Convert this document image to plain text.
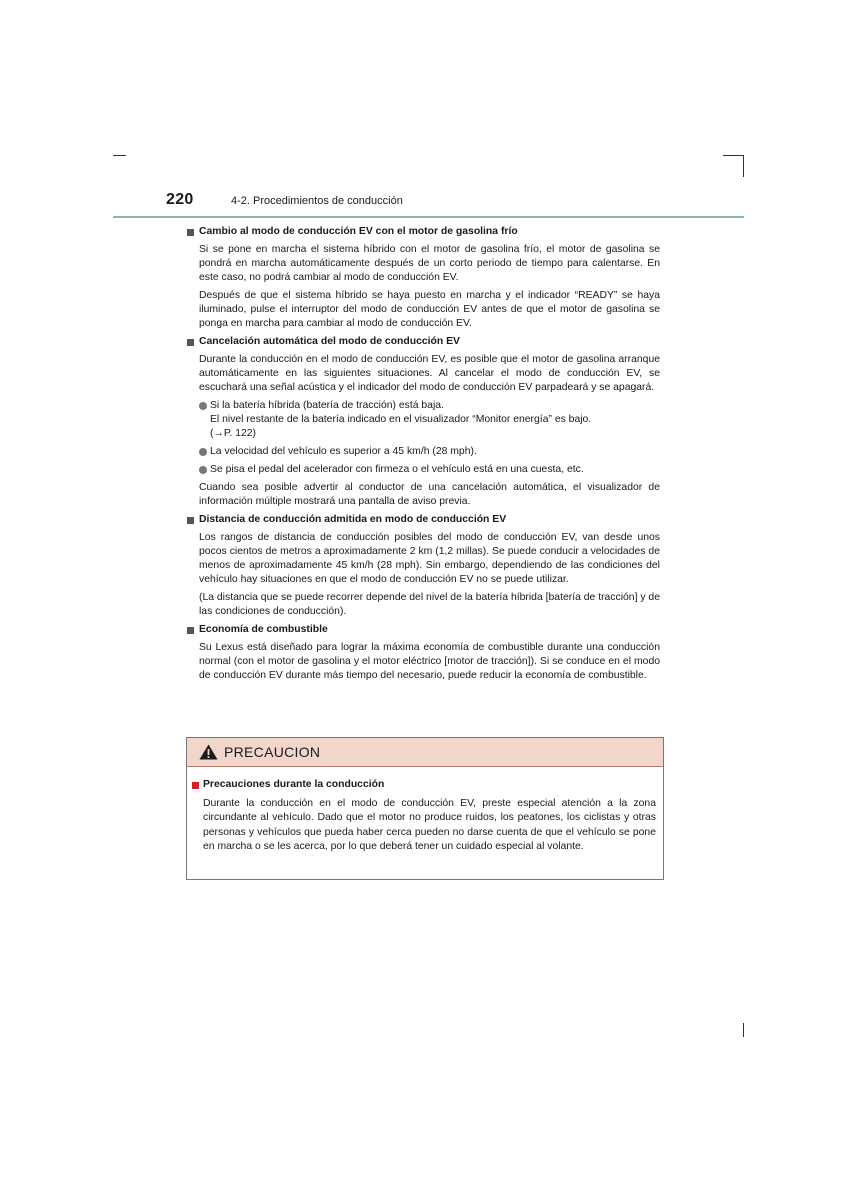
220	4-2. Procedimientos de conducción
Cambio al modo de conducción EV con el motor de gasolina frío
Si se pone en marcha el sistema híbrido con el motor de gasolina frío, el motor de gasolina se pondrá en marcha automáticamente después de un corto periodo de tiempo para calentarse. En este caso, no podrá cambiar al modo de conducción EV.
Después de que el sistema híbrido se haya puesto en marcha y el indicador “READY” se haya iluminado, pulse el interruptor del modo de conducción EV antes de que el motor de gasolina se ponga en marcha para cambiar al modo de conducción EV.
Cancelación automática del modo de conducción EV
Durante la conducción en el modo de conducción EV, es posible que el motor de gasolina arranque automáticamente en las siguientes situaciones. Al cancelar el modo de conducción EV, se escuchará una señal acústica y el indicador del modo de conducción EV parpadeará y se apagará.
Si la batería híbrida (batería de tracción) está baja.
El nivel restante de la batería indicado en el visualizador “Monitor energía” es bajo.
(→P. 122)
La velocidad del vehículo es superior a 45 km/h (28 mph).
Se pisa el pedal del acelerador con firmeza o el vehículo está en una cuesta, etc.
Cuando sea posible advertir al conductor de una cancelación automática, el visualizador de información múltiple mostrará una pantalla de aviso previa.
Distancia de conducción admitida en modo de conducción EV
Los rangos de distancia de conducción posibles del modo de conducción EV, van desde unos pocos cientos de metros a aproximadamente 2 km (1,2 millas). Se puede conducir a velocidades de menos de aproximadamente 45 km/h (28 mph). Sin embargo, dependiendo de las condiciones del vehículo hay situaciones en que el modo de conducción EV no se puede utilizar.
(La distancia que se puede recorrer depende del nivel de la batería híbrida [batería de tracción] y de las condiciones de conducción).
Economía de combustible
Su Lexus está diseñado para lograr la máxima economía de combustible durante una conducción normal (con el motor de gasolina y el motor eléctrico [motor de tracción]). Si se conduce en el modo de conducción EV durante más tiempo del necesario, puede reducir la economía de combustible.
PRECAUCION
Precauciones durante la conducción
Durante la conducción en el modo de conducción EV, preste especial atención a la zona circundante al vehículo. Dado que el motor no produce ruidos, los peatones, los ciclistas y otras personas y vehículos que pueda haber cerca pueden no darse cuenta de que el vehículo se pone en marcha o se les acerca, por lo que deberá tener un cuidado especial al volante.
